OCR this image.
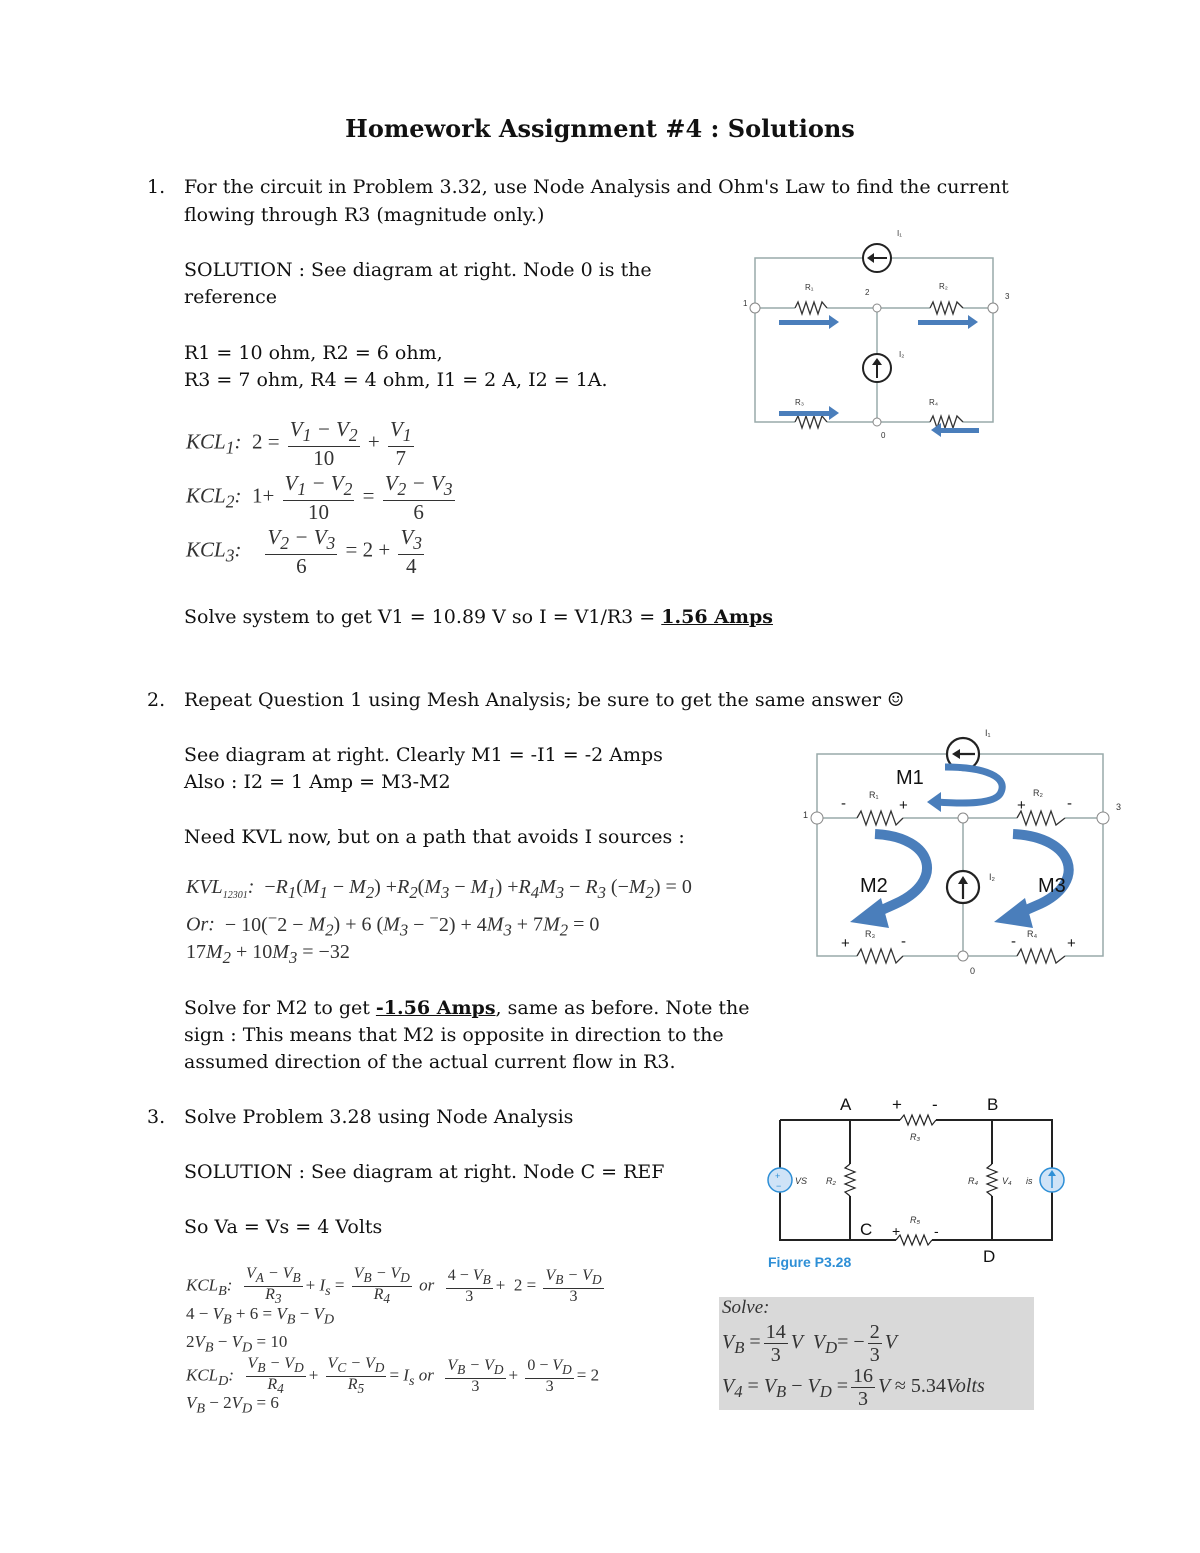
Homework Assignment #4 : Solutions
1. For the circuit in Problem 3.32, use Node Analysis and Ohm's Law to find the current
flowing through R3 (magnitude only.)
SOLUTION : See diagram at right. Node 0 is the
reference
R1 = 10 ohm, R2 = 6 ohm,
R3 = 7 ohm, R4 = 4 ohm, I1 = 2 A, I2 = 1A.
$KCL_1$:  $2 = \frac{V_1 - V_2}{10} + \frac{V_1}{7}$
$KCL_2$:  $1+ \frac{V_1 - V_2}{10} = \frac{V_2 - V_3}{6}$
$KCL_3$: $\frac{V_2 - V_3}{6} = 2 + \frac{V_3}{4}$
Solve system to get V1 = 10.89 V so I = V1/R3 = 1.56 Amps
1
2	3
0
R₁	R₂
R₃	R₄
I₁
I₂
2. Repeat Question 1 using Mesh Analysis; be sure to get the same answer ☺
See diagram at right. Clearly M1 = -I1 = -2 Amps
Also : I2 = 1 Amp = M3-M2
Need KVL now, but on a path that avoids I sources :
$KVL_{12301}$:  $-R_1(M_1 - M_2) +R_2(M_3 - M_1) +R_4M_3 - R_3$ $(-M_2) = 0$
Or:  − $10(^-2 - M_2) + 6$ $(M_3 - ^-2) + 4M_3 + 7M_2 = 0$
$17M_2 + 10M_3 = -32$
Solve for M2 to get -1.56 Amps, same as before. Note the
sign : This means that M2 is opposite in direction to the
assumed direction of the actual current flow in R3.
M1
M2	M3
-	+	+	-
+	-	-	+
1
3
0
R₁	R₂
R₃	R₄
I₁
I₂
3. Solve Problem 3.28 using Node Analysis
SOLUTION : See diagram at right. Node C = REF
So Va = Vs = 4 Volts
$KCL_B$: $\frac{V_A - V_B}{R_3} + I_s = \frac{V_B - V_D}{R_4}$ or $\frac{4 - V_B}{3} + 2 = \frac{V_B - V_D}{3}$
$4 - V_B + 6 = V_B - V_D$
$2V_B - V_D = 10$
$KCL_D$: $\frac{V_B - V_D}{R_4} + \frac{V_C - V_D}{R_5} = I_s$ or $\frac{V_B - V_D}{3} + \frac{0 - V_D}{3} = 2$
$V_B - 2V_D = 6$
+
−
A	B
C
D
+ -
+ -
R₃
R₂	R₄
R₅
VS	V₄ is
Figure P3.28
Solve:
$V_B = \frac{14}{3}$ V  $V_D= - \frac{2}{3}$ V
$V_4 = V_B - V_D = \frac{16}{3}$ V ≈ 5.34Volts
